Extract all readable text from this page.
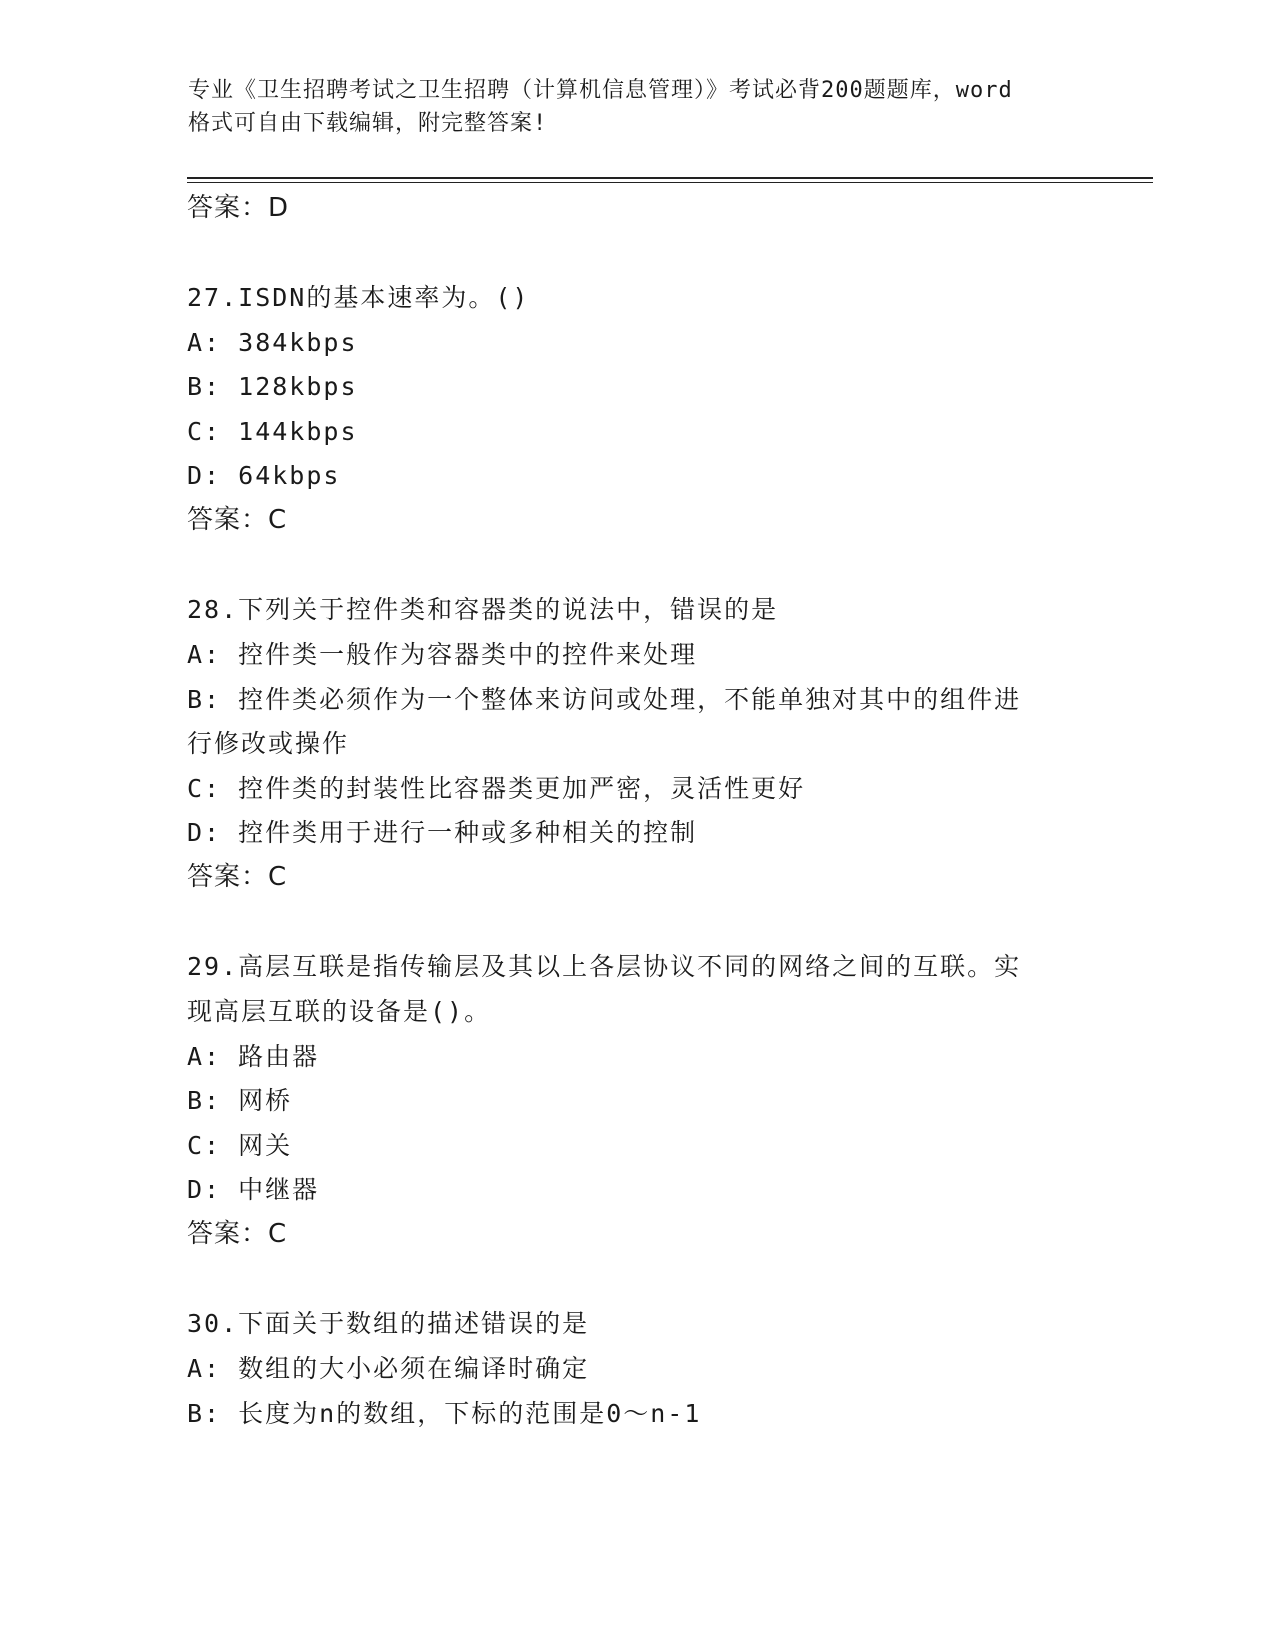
专业《卫生招聘考试之卫生招聘（计算机信息管理）》考试必背200题题库，word
格式可自由下载编辑，附完整答案!
答案：D
27.ISDN的基本速率为。()
A: 384kbps
B: 128kbps
C: 144kbps
D: 64kbps
答案：C
28.下列关于控件类和容器类的说法中，错误的是
A: 控件类一般作为容器类中的控件来处理
B: 控件类必须作为一个整体来访问或处理，不能单独对其中的组件进
行修改或操作
C: 控件类的封装性比容器类更加严密，灵活性更好
D: 控件类用于进行一种或多种相关的控制
答案：C
29.高层互联是指传输层及其以上各层协议不同的网络之间的互联。实
现高层互联的设备是()。
A: 路由器
B: 网桥
C: 网关
D: 中继器
答案：C
30.下面关于数组的描述错误的是
A: 数组的大小必须在编译时确定
B: 长度为n的数组，下标的范围是0～n-1
